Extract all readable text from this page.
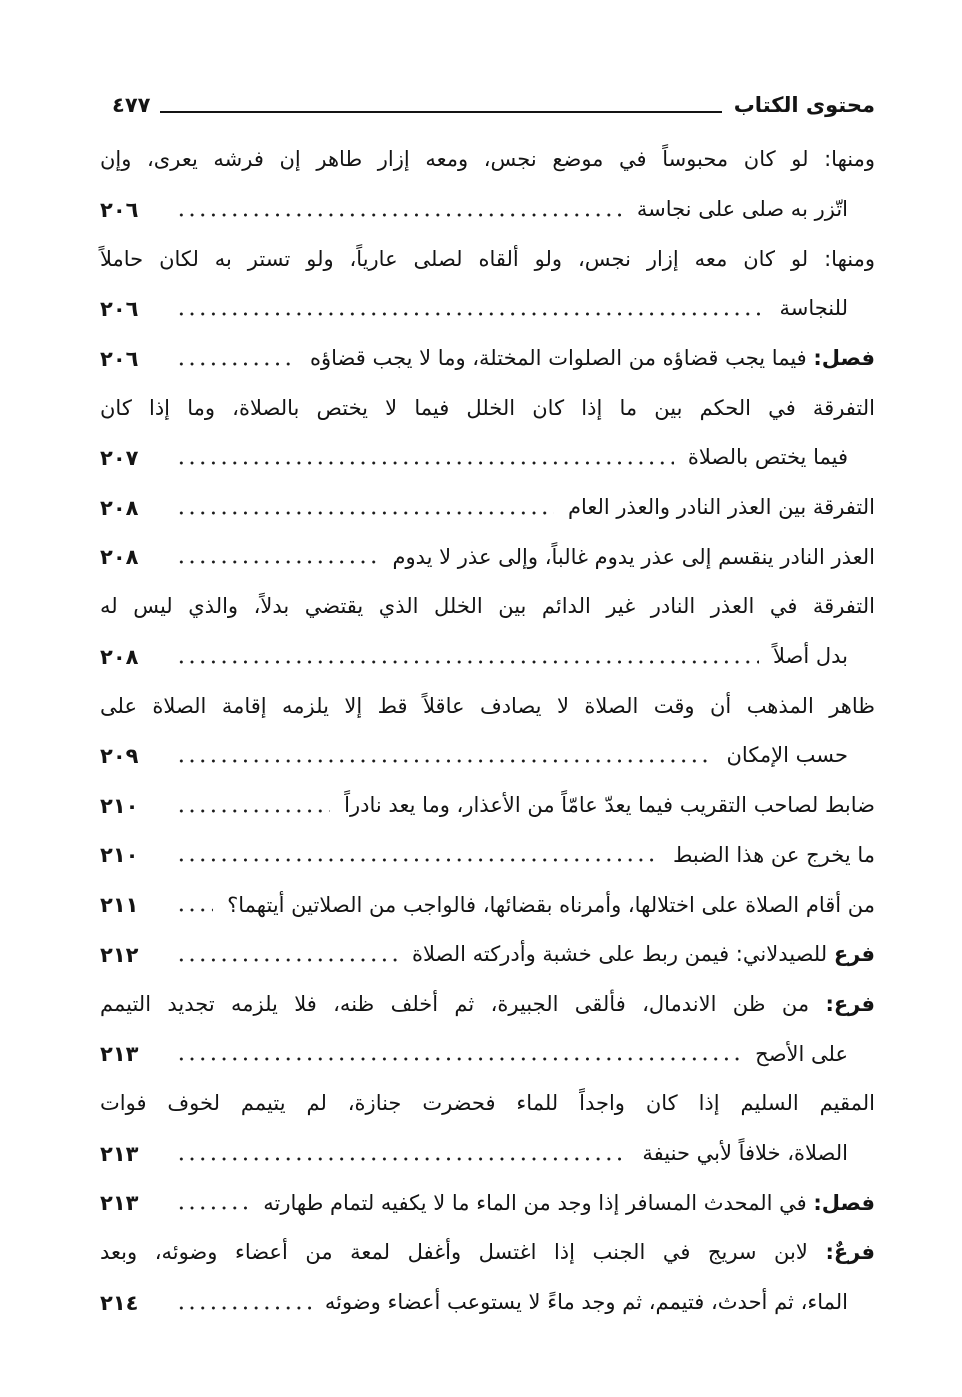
محتوى الكتاب
٤٧٧
ومنها: لو كان محبوساً في موضع نجس، ومعه إزار طاهر إن فرشه يعرى، وإن
اتّزر به صلى على نجاسة
٢٠٦
ومنها: لو كان معه إزار نجس، ولو ألقاه لصلى عارياً، ولو تستر به لكان حاملاً
للنجاسة
٢٠٦
فصل: فيما يجب قضاؤه من الصلوات المختلة، وما لا يجب قضاؤه
٢٠٦
التفرقة في الحكم بين ما إذا كان الخلل فيما لا يختص بالصلاة، وما إذا كان
فيما يختص بالصلاة
٢٠٧
التفرقة بين العذر النادر والعذر العام
٢٠٨
العذر النادر ينقسم إلى عذر يدوم غالباً، وإلى عذر لا يدوم
٢٠٨
التفرقة في العذر النادر غير الدائم بين الخلل الذي يقتضي بدلاً، والذي ليس له
بدل أصلاً
٢٠٨
ظاهر المذهب أن وقت الصلاة لا يصادف عاقلاً قط إلا يلزمه إقامة الصلاة على
حسب الإمكان
٢٠٩
ضابط لصاحب التقريب فيما يعدّ عامّاً من الأعذار، وما يعد نادراً
٢١٠
ما يخرج عن هذا الضبط
٢١٠
من أقام الصلاة على اختلالها، وأمرناه بقضائها، فالواجب من الصلاتين أيتهما؟
٢١١
فرع للصيدلاني: فيمن ربط على خشبة وأدركته الصلاة
٢١٢
فرع: من ظن الاندمال، فألقى الجبيرة، ثم أخلف ظنه، فلا يلزمه تجديد التيمم
على الأصح
٢١٣
المقيم السليم إذا كان واجداً للماء فحضرت جنازة، لم يتيمم لخوف فوات
الصلاة، خلافاً لأبي حنيفة
٢١٣
فصل: في المحدث المسافر إذا وجد من الماء ما لا يكفيه لتمام طهارته
٢١٣
فرعٌ: لابن سريج في الجنب إذا اغتسل وأغفل لمعة من أعضاء وضوئه، وبعد
الماء، ثم أحدث، فتيمم، ثم وجد ماءً لا يستوعب أعضاء وضوئه
٢١٤
